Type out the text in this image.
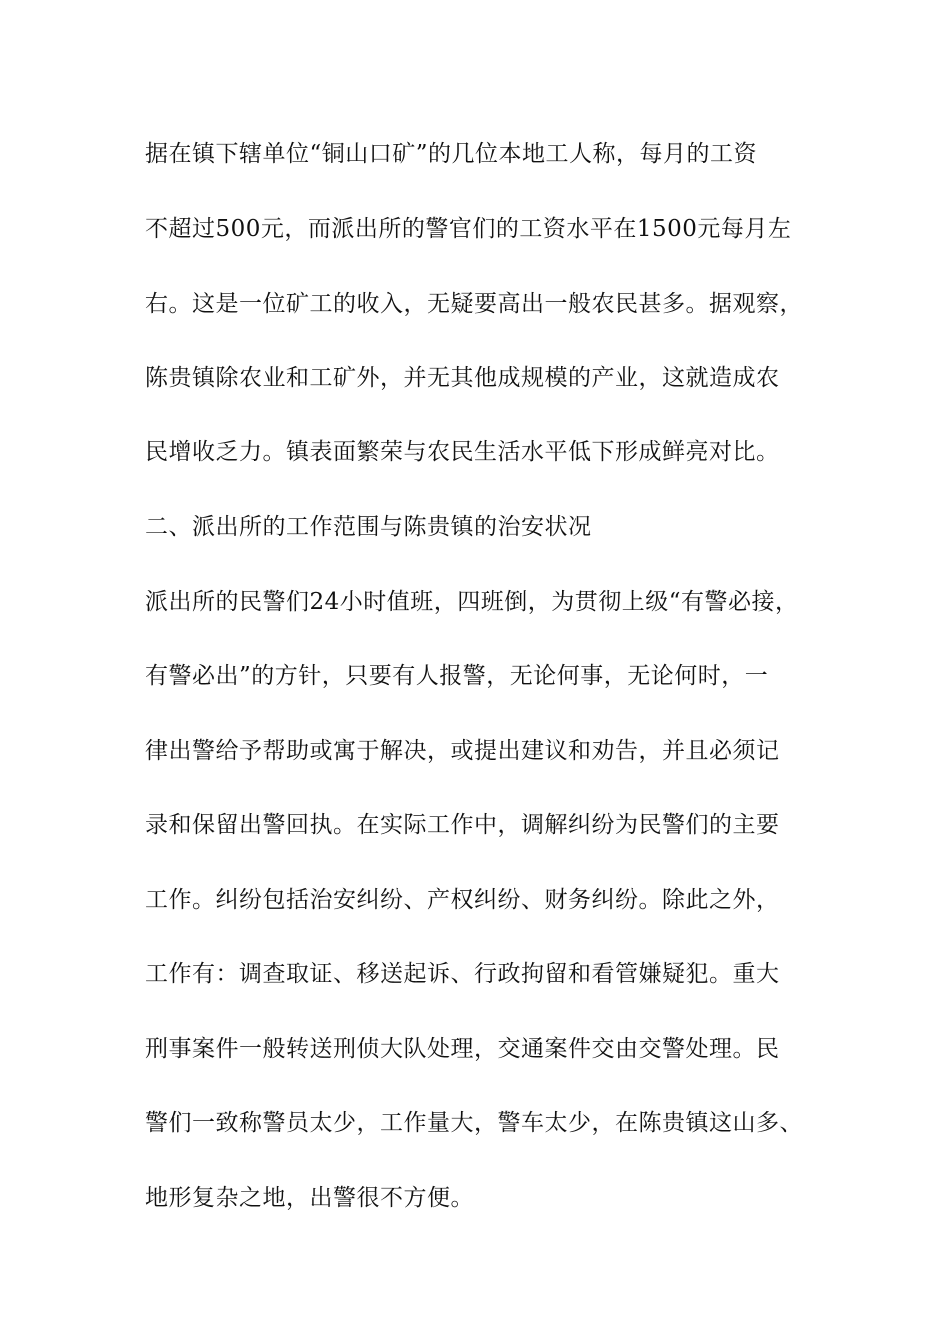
据在镇下辖单位“铜山口矿”的几位本地工人称，每月的工资
不超过500元，而派出所的警官们的工资水平在1500元每月左
右。这是一位矿工的收入，无疑要高出一般农民甚多。据观察，
陈贵镇除农业和工矿外，并无其他成规模的产业，这就造成农
民增收乏力。镇表面繁荣与农民生活水平低下形成鲜亮对比。
二、派出所的工作范围与陈贵镇的治安状况
派出所的民警们24小时值班，四班倒，为贯彻上级“有警必接，
有警必出”的方针，只要有人报警，无论何事，无论何时，一
律出警给予帮助或寓于解决，或提出建议和劝告，并且必须记
录和保留出警回执。在实际工作中，调解纠纷为民警们的主要
工作。纠纷包括治安纠纷、产权纠纷、财务纠纷。除此之外，
工作有：调查取证、移送起诉、行政拘留和看管嫌疑犯。重大
刑事案件一般转送刑侦大队处理，交通案件交由交警处理。民
警们一致称警员太少，工作量大，警车太少，在陈贵镇这山多、
地形复杂之地，出警很不方便。
